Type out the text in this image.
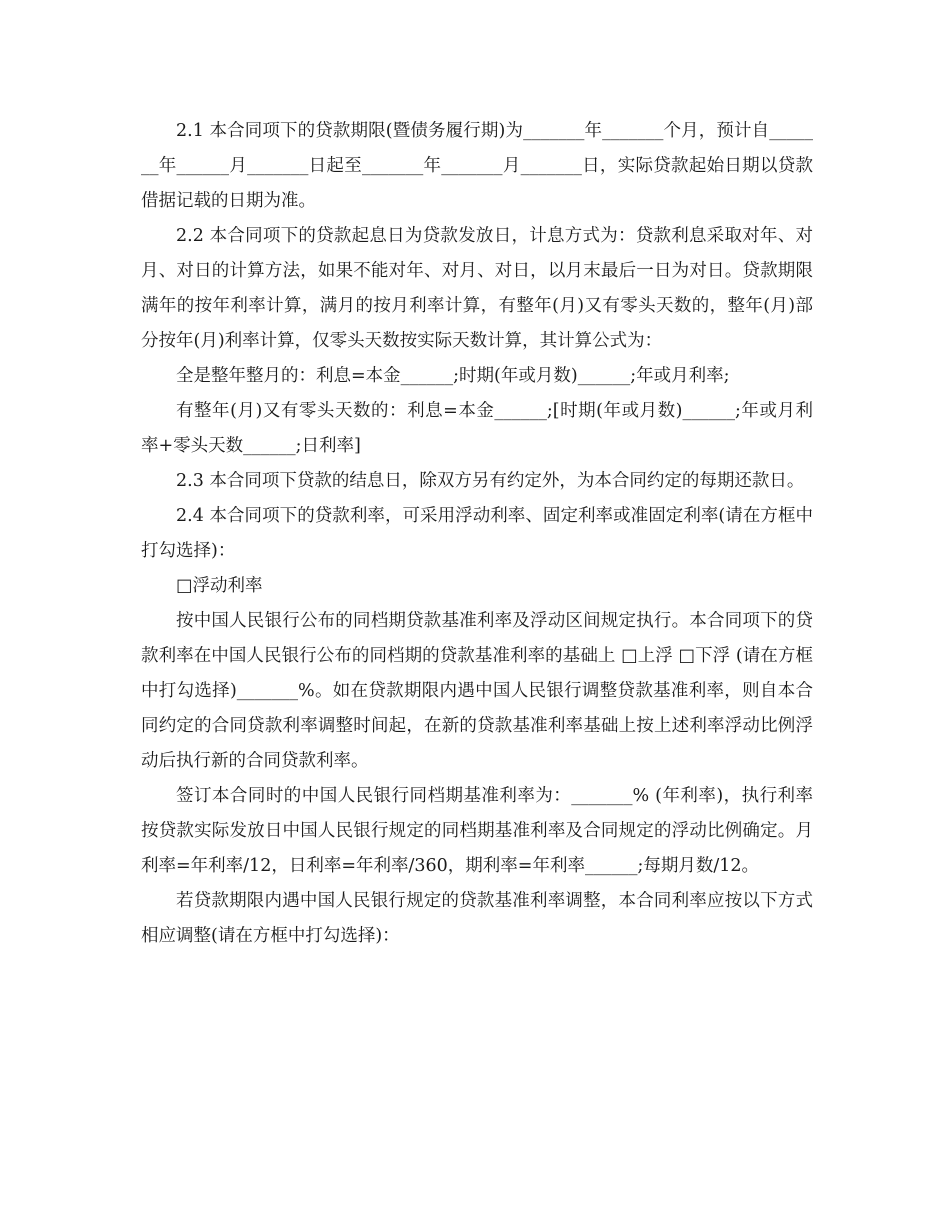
2.1 本合同项下的贷款期限(暨债务履行期)为_______年_______个月，预计自_______年______月_______日起至_______年_______月_______日，实际贷款起始日期以贷款借据记载的日期为准。

2.2 本合同项下的贷款起息日为贷款发放日，计息方式为：贷款利息采取对年、对月、对日的计算方法，如果不能对年、对月、对日，以月末最后一日为对日。贷款期限满年的按年利率计算，满月的按月利率计算，有整年(月)又有零头天数的，整年(月)部分按年(月)利率计算，仅零头天数按实际天数计算，其计算公式为：

全是整年整月的：利息=本金______;时期(年或月数)______;年或月利率;

有整年(月)又有零头天数的：利息=本金______;[时期(年或月数)______;年或月利率+零头天数______;日利率]

2.3 本合同项下贷款的结息日，除双方另有约定外，为本合同约定的每期还款日。

2.4 本合同项下的贷款利率，可采用浮动利率、固定利率或准固定利率(请在方框中打勾选择)：

□浮动利率

按中国人民银行公布的同档期贷款基准利率及浮动区间规定执行。本合同项下的贷款利率在中国人民银行公布的同档期的贷款基准利率的基础上 □上浮 □下浮 (请在方框中打勾选择)_______%。如在贷款期限内遇中国人民银行调整贷款基准利率，则自本合同约定的合同贷款利率调整时间起，在新的贷款基准利率基础上按上述利率浮动比例浮动后执行新的合同贷款利率。

签订本合同时的中国人民银行同档期基准利率为：_______% (年利率)，执行利率按贷款实际发放日中国人民银行规定的同档期基准利率及合同规定的浮动比例确定。月利率=年利率/12，日利率=年利率/360，期利率=年利率______;每期月数/12。

若贷款期限内遇中国人民银行规定的贷款基准利率调整，本合同利率应按以下方式相应调整(请在方框中打勾选择)：
